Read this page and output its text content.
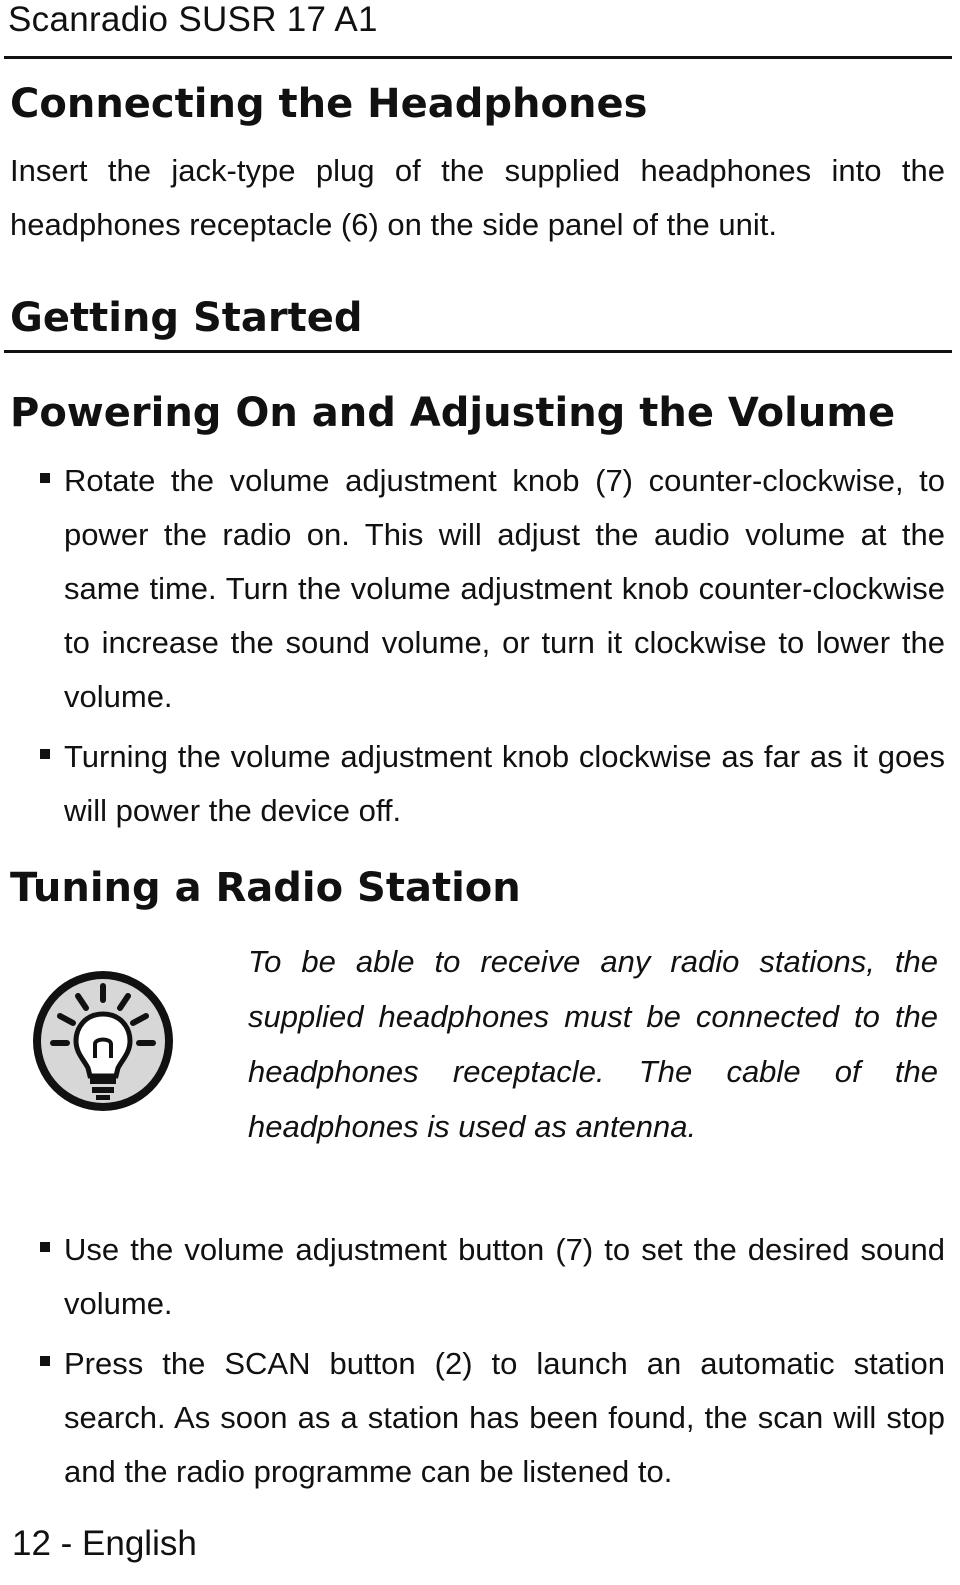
Scanradio SUSR 17 A1
Connecting the Headphones

Insert the jack-type plug of the supplied headphones into the headphones receptacle (6) on the side panel of the unit.

Getting Started
Powering On and Adjusting the Volume
Rotate the volume adjustment knob (7) counter-clockwise, to power the radio on. This will adjust the audio volume at the same time. Turn the volume adjustment knob counter-clockwise to increase the sound volume, or turn it clockwise to lower the volume.
Turning the volume adjustment knob clockwise as far as it goes will power the device off.
Tuning a Radio Station

To be able to receive any radio stations, the supplied headphones must be connected to the headphones receptacle. The cable of the headphones is used as antenna.

Use the volume adjustment button (7) to set the desired sound volume.
Press the SCAN button (2) to launch an automatic station search. As soon as a station has been found, the scan will stop and the radio programme can be listened to.
12 - English
